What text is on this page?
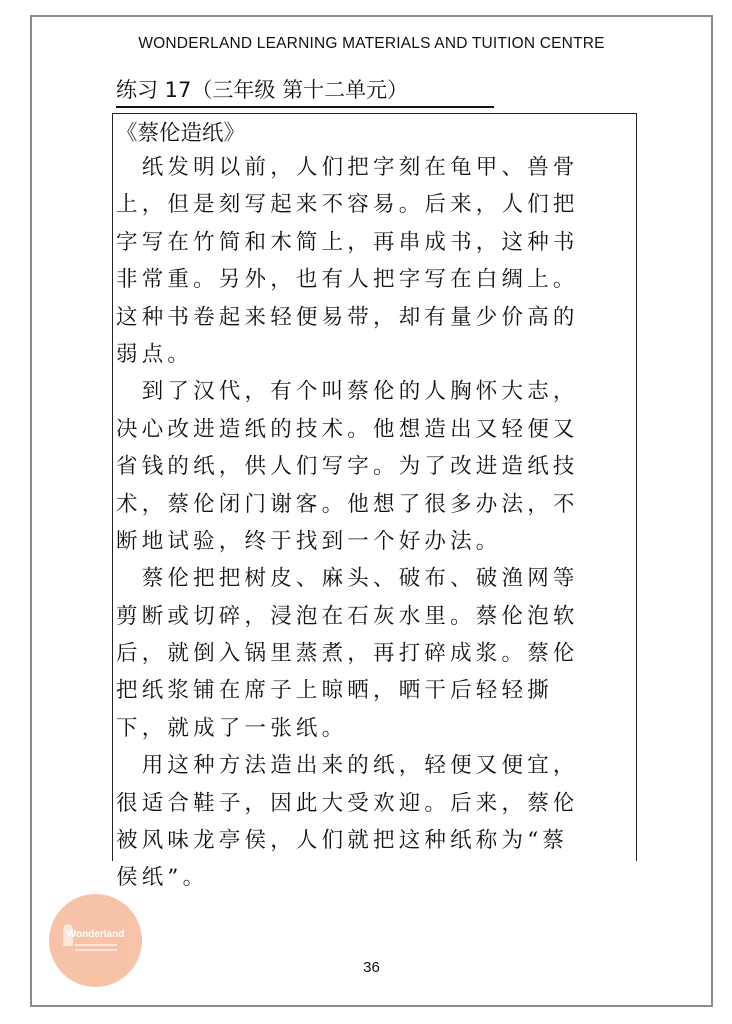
WONDERLAND LEARNING MATERIALS AND TUITION CENTRE
练习 17（三年级 第十二单元）
《蔡伦造纸》
　纸发明以前，人们把字刻在龟甲、兽骨
上，但是刻写起来不容易。后来，人们把
字写在竹简和木简上，再串成书，这种书
非常重。另外，也有人把字写在白绸上。
这种书卷起来轻便易带，却有量少价高的
弱点。
　到了汉代，有个叫蔡伦的人胸怀大志，
决心改进造纸的技术。他想造出又轻便又
省钱的纸，供人们写字。为了改进造纸技
术，蔡伦闭门谢客。他想了很多办法，不
断地试验，终于找到一个好办法。
　蔡伦把把树皮、麻头、破布、破渔网等
剪断或切碎，浸泡在石灰水里。蔡伦泡软
后，就倒入锅里蒸煮，再打碎成浆。蔡伦
把纸浆铺在席子上晾晒，晒干后轻轻撕
下，就成了一张纸。
　用这种方法造出来的纸，轻便又便宜，
很适合鞋子，因此大受欢迎。后来，蔡伦
被风味龙亭侯，人们就把这种纸称为“蔡
侯纸”。
Wonderland
36
